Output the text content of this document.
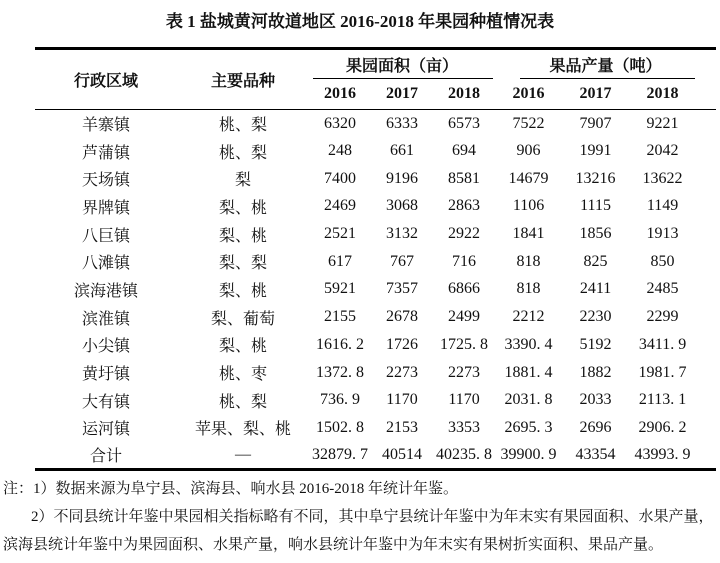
表 1 盐城黄河故道地区 2016-2018 年果园种植情况表
行政区域	主要品种	果园面积（亩）			果品产量（吨）		
		2016	2017	2018	2016	2017	2018
羊寨镇	桃、梨	6320	6333	6573	7522	7907	9221
芦蒲镇	桃、梨	248	661	694	906	1991	2042
天场镇	梨	7400	9196	8581	14679	13216	13622
界牌镇	梨、桃	2469	3068	2863	1106	1115	1149
八巨镇	梨、桃	2521	3132	2922	1841	1856	1913
八滩镇	梨、梨	617	767	716	818	825	850
滨海港镇	梨、桃	5921	7357	6866	818	2411	2485
滨淮镇	梨、葡萄	2155	2678	2499	2212	2230	2299
小尖镇	梨、桃	1616. 2	1726	1725. 8	3390. 4	5192	3411. 9
黄圩镇	桃、枣	1372. 8	2273	2273	1881. 4	1882	1981. 7
大有镇	桃、梨	736. 9	1170	1170	2031. 8	2033	2113. 1
运河镇	苹果、梨、桃	1502. 8	2153	3353	2695. 3	2696	2906. 2
合计	—	32879. 7	40514	40235. 8	39900. 9	43354	43993. 9
注：1）数据来源为阜宁县、滨海县、响水县 2016-2018 年统计年鉴。
2）不同县统计年鉴中果园相关指标略有不同，其中阜宁县统计年鉴中为年末实有果园面积、水果产量，
滨海县统计年鉴中为果园面积、水果产量，响水县统计年鉴中为年末实有果树折实面积、果品产量。
